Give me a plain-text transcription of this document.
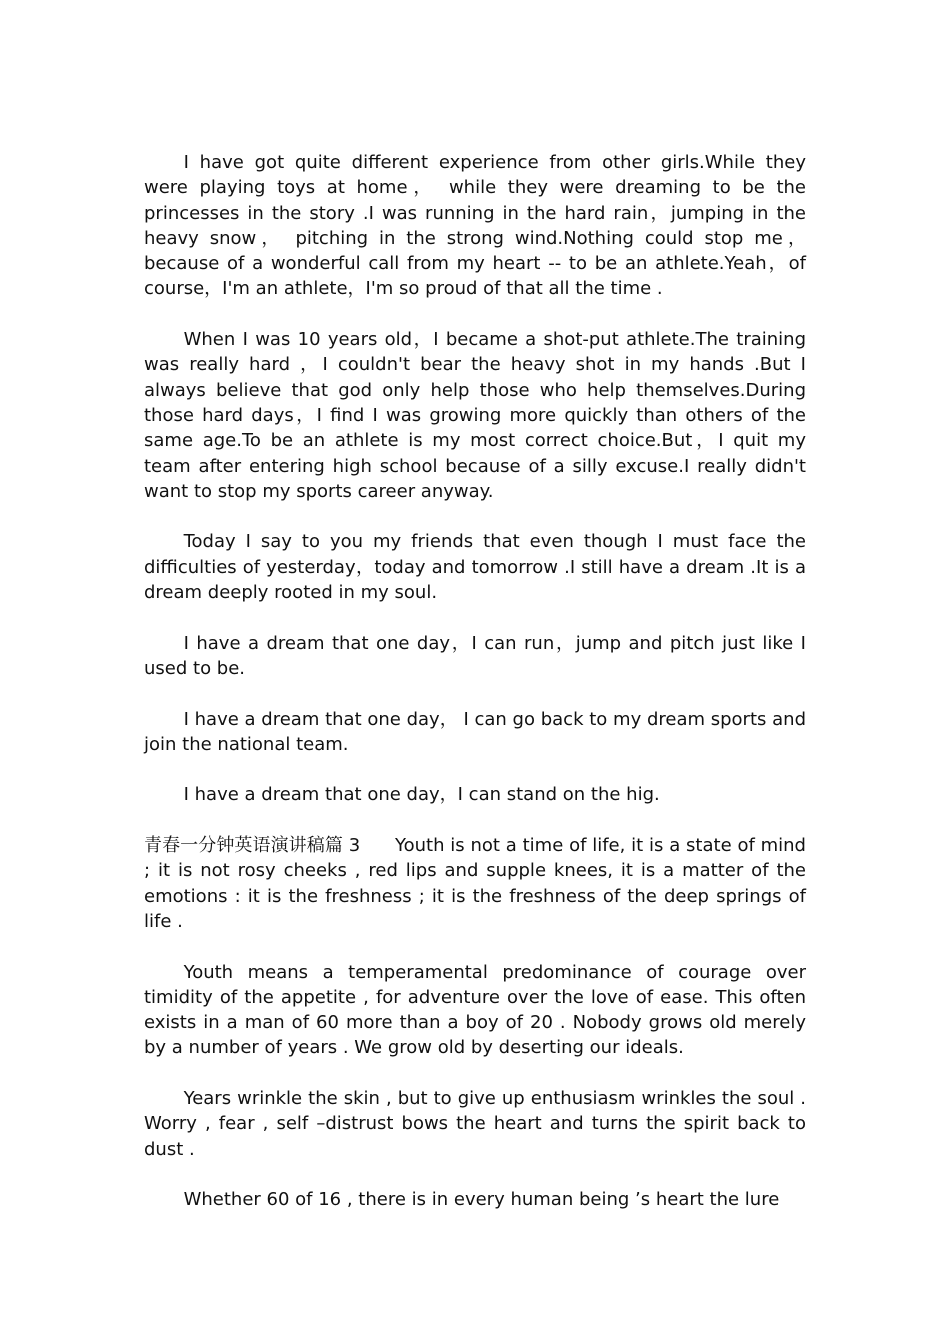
I have got quite different experience from other girls.While they were playing toys at home， while they were dreaming to be the princesses in the story .I was running in the hard rain，jumping in the heavy snow， pitching in the strong wind.Nothing could stop me，because of a wonderful call from my heart -- to be an athlete.Yeah，of course，I'm an athlete，I'm so proud of that all the time .

When I was 10 years old，I became a shot-put athlete.The training was really hard ，I couldn't bear the heavy shot in my hands .But I always believe that god only help those who help themselves.During those hard days，I find I was growing more quickly than others of the same age.To be an athlete is my most correct choice.But，I quit my team after entering high school because of a silly excuse.I really didn't want to stop my sports career anyway.

Today I say to you my friends that even though I must face the difficulties of yesterday，today and tomorrow .I still have a dream .It is a dream deeply rooted in my soul.

I have a dream that one day，I can run，jump and pitch just like I used to be.

I have a dream that one day， I can go back to my dream sports and join the national team.

I have a dream that one day，I can stand on the hig.

青春一分钟英语演讲稿篇 3 Youth is not a time of life, it is a state of mind ; it is not rosy cheeks , red lips and supple knees, it is a matter of the emotions : it is the freshness ; it is the freshness of the deep springs of life .

Youth means a temperamental predominance of courage over timidity of the appetite , for adventure over the love of ease. This often exists in a man of 60 more than a boy of 20 . Nobody grows old merely by a number of years . We grow old by deserting our ideals.

Years wrinkle the skin , but to give up enthusiasm wrinkles the soul . Worry , fear , self –distrust bows the heart and turns the spirit back to dust .

Whether 60 of 16 , there is in every human being ’s heart the lure
